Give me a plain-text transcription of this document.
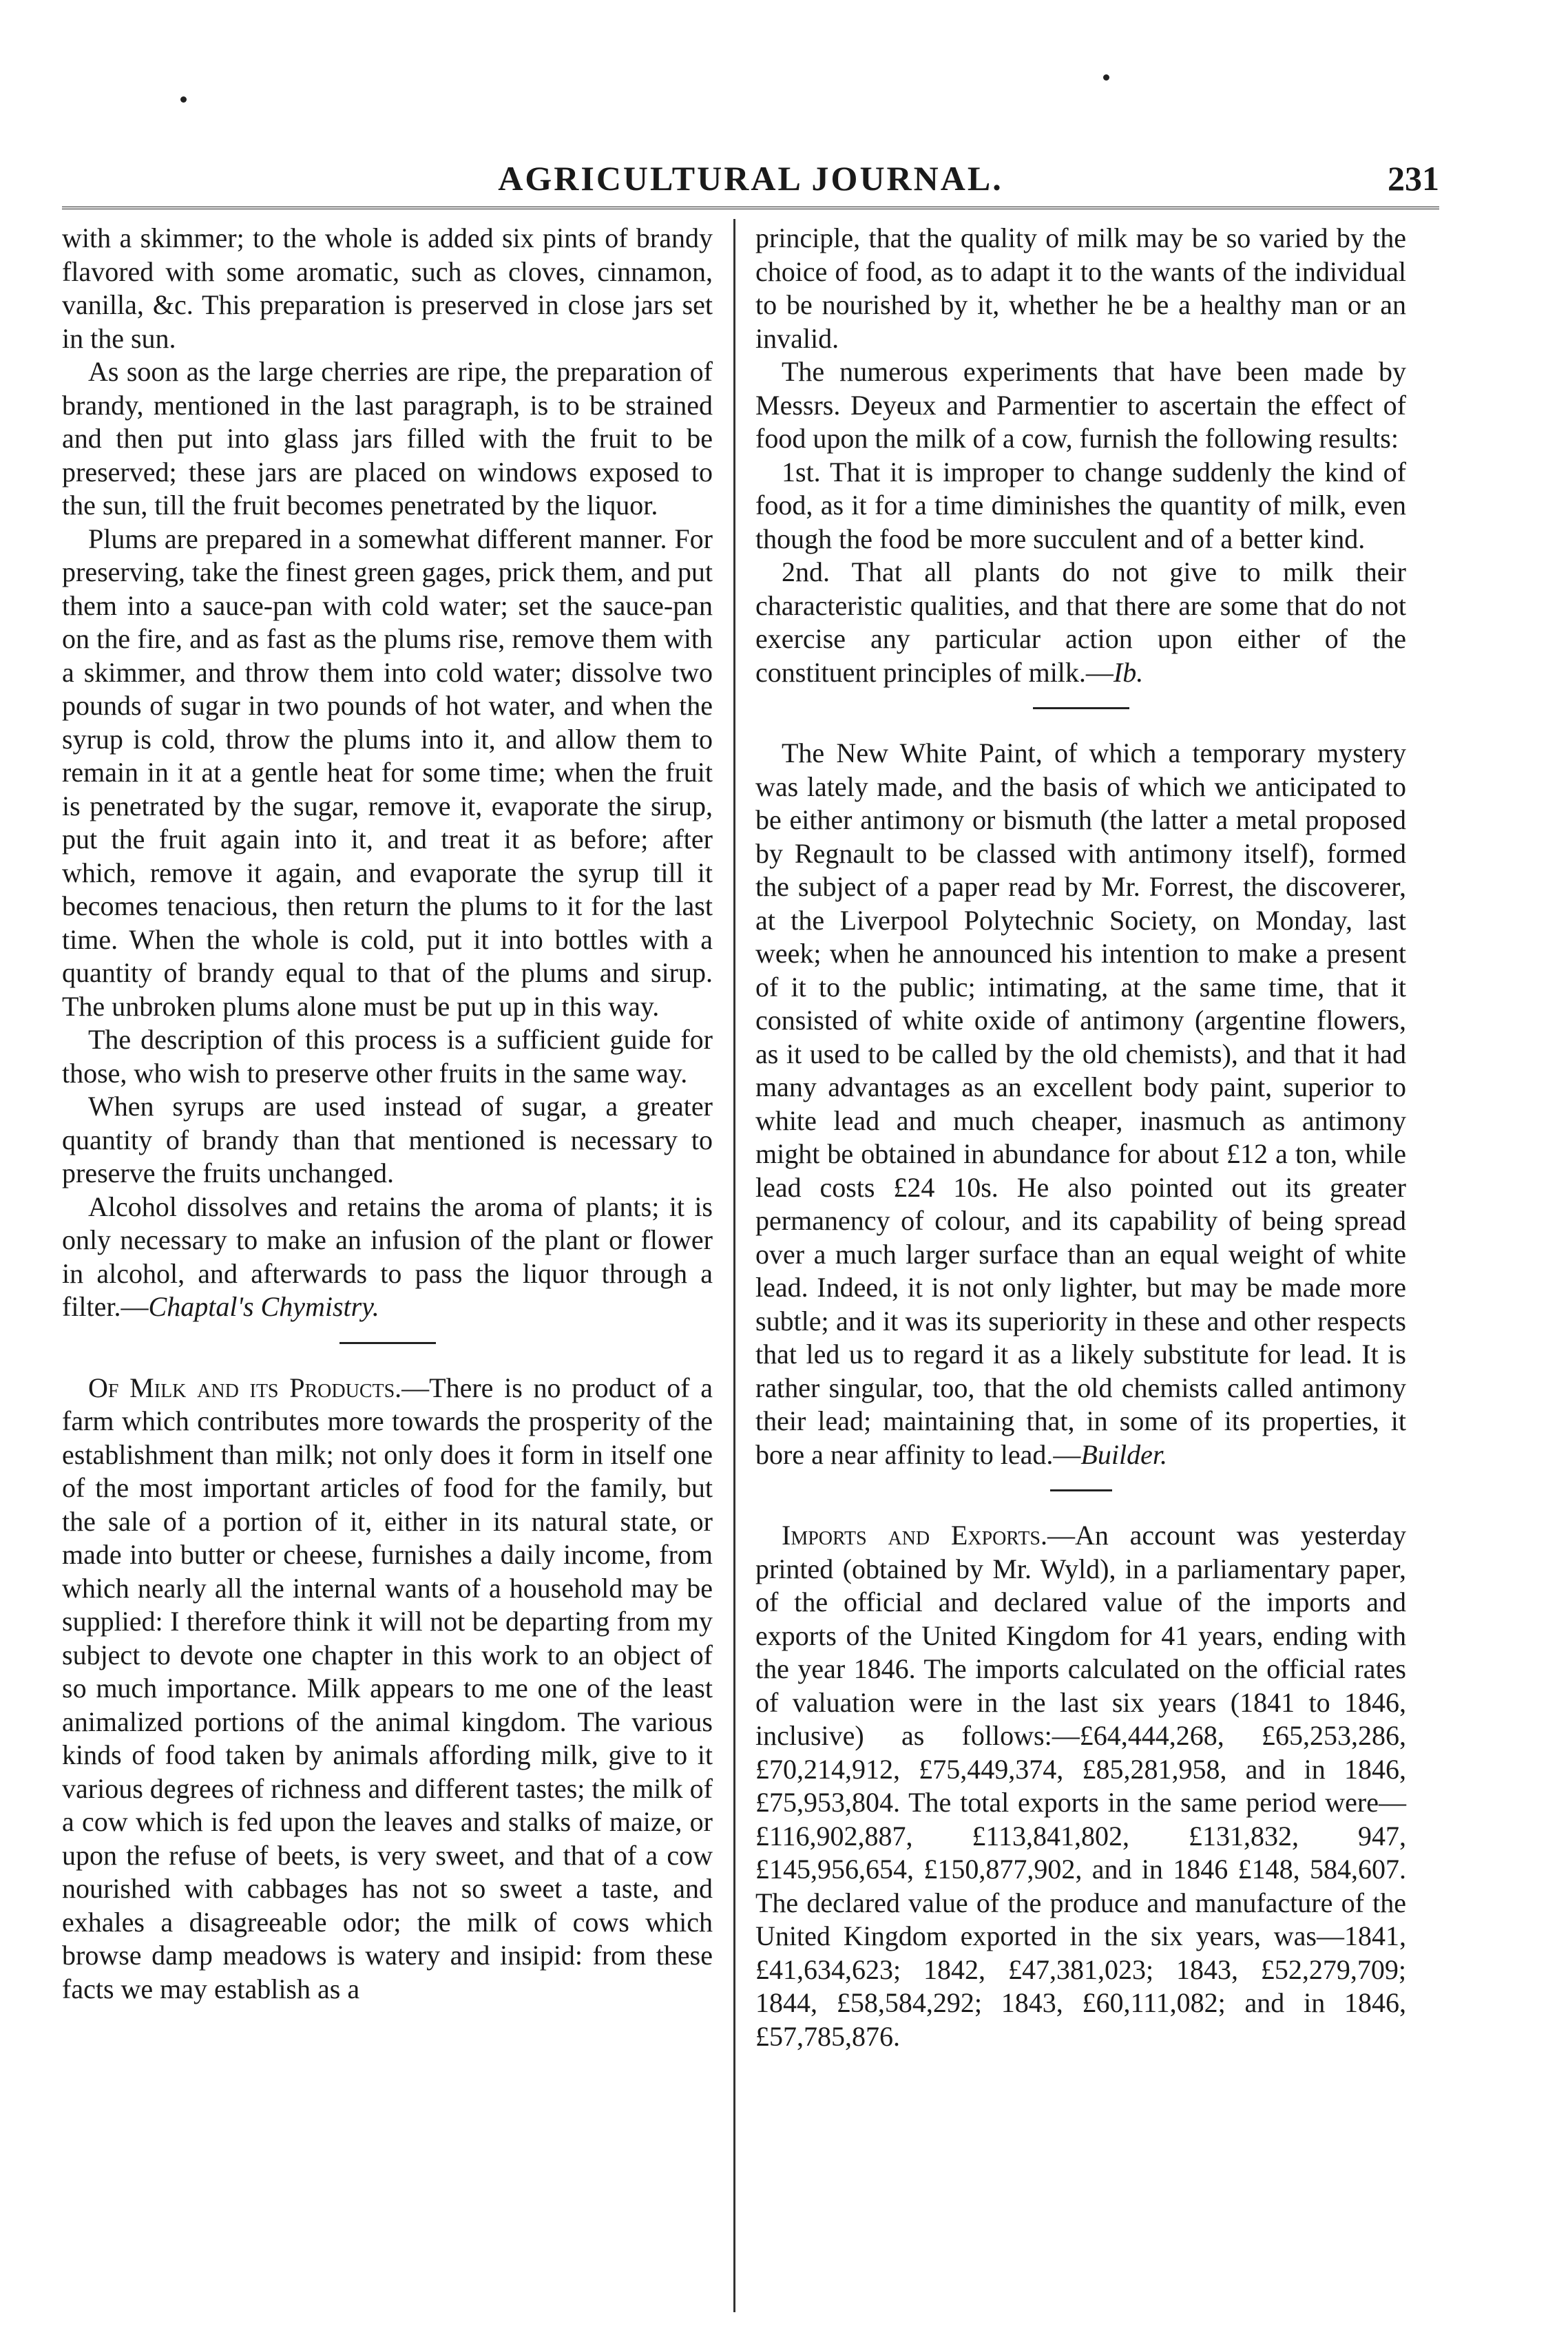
AGRICULTURAL JOURNAL.	231

with a skimmer; to the whole is added six pints of brandy flavored with some aromatic, such as cloves, cinnamon, vanilla, &c. This preparation is preserved in close jars set in the sun.

As soon as the large cherries are ripe, the preparation of brandy, mentioned in the last paragraph, is to be strained and then put into glass jars filled with the fruit to be preserved; these jars are placed on windows exposed to the sun, till the fruit becomes penetrated by the liquor.

Plums are prepared in a somewhat different manner. For preserving, take the finest green gages, prick them, and put them into a sauce-pan with cold water; set the sauce-pan on the fire, and as fast as the plums rise, remove them with a skimmer, and throw them into cold water; dissolve two pounds of sugar in two pounds of hot water, and when the syrup is cold, throw the plums into it, and allow them to remain in it at a gentle heat for some time; when the fruit is penetrated by the sugar, remove it, evaporate the sirup, put the fruit again into it, and treat it as before; after which, remove it again, and evaporate the syrup till it becomes tenacious, then return the plums to it for the last time. When the whole is cold, put it into bottles with a quantity of brandy equal to that of the plums and sirup. The unbroken plums alone must be put up in this way.

The description of this process is a sufficient guide for those, who wish to preserve other fruits in the same way.

When syrups are used instead of sugar, a greater quantity of brandy than that mentioned is necessary to preserve the fruits unchanged.

Alcohol dissolves and retains the aroma of plants; it is only necessary to make an infusion of the plant or flower in alcohol, and afterwards to pass the liquor through a filter.—Chaptal's Chymistry.

Of Milk and its Products.—There is no product of a farm which contributes more towards the prosperity of the establishment than milk; not only does it form in itself one of the most important articles of food for the family, but the sale of a portion of it, either in its natural state, or made into butter or cheese, furnishes a daily income, from which nearly all the internal wants of a household may be supplied: I therefore think it will not be departing from my subject to devote one chapter in this work to an object of so much importance. Milk appears to me one of the least animalized portions of the animal kingdom. The various kinds of food taken by animals affording milk, give to it various degrees of richness and different tastes; the milk of a cow which is fed upon the leaves and stalks of maize, or upon the refuse of beets, is very sweet, and that of a cow nourished with cabbages has not so sweet a taste, and exhales a disagreeable odor; the milk of cows which browse damp meadows is watery and insipid: from these facts we may establish as a

principle, that the quality of milk may be so varied by the choice of food, as to adapt it to the wants of the individual to be nourished by it, whether he be a healthy man or an invalid.

The numerous experiments that have been made by Messrs. Deyeux and Parmentier to ascertain the effect of food upon the milk of a cow, furnish the following results:

1st. That it is improper to change suddenly the kind of food, as it for a time diminishes the quantity of milk, even though the food be more succulent and of a better kind.

2nd. That all plants do not give to milk their characteristic qualities, and that there are some that do not exercise any particular action upon either of the constituent principles of milk.—Ib.

The New White Paint, of which a temporary mystery was lately made, and the basis of which we anticipated to be either antimony or bismuth (the latter a metal proposed by Regnault to be classed with antimony itself), formed the subject of a paper read by Mr. Forrest, the discoverer, at the Liverpool Polytechnic Society, on Monday, last week; when he announced his intention to make a present of it to the public; intimating, at the same time, that it consisted of white oxide of antimony (argentine flowers, as it used to be called by the old chemists), and that it had many advantages as an excellent body paint, superior to white lead and much cheaper, inasmuch as antimony might be obtained in abundance for about £12 a ton, while lead costs £24 10s. He also pointed out its greater permanency of colour, and its capability of being spread over a much larger surface than an equal weight of white lead. Indeed, it is not only lighter, but may be made more subtle; and it was its superiority in these and other respects that led us to regard it as a likely substitute for lead. It is rather singular, too, that the old chemists called antimony their lead; maintaining that, in some of its properties, it bore a near affinity to lead.—Builder.

Imports and Exports.—An account was yesterday printed (obtained by Mr. Wyld), in a parliamentary paper, of the official and declared value of the imports and exports of the United Kingdom for 41 years, ending with the year 1846. The imports calculated on the official rates of valuation were in the last six years (1841 to 1846, inclusive) as follows:—£64,444,268, £65,253,286, £70,214,912, £75,449,374, £85,281,958, and in 1846, £75,953,804. The total exports in the same period were—£116,902,887, £113,841,802, £131,832, 947, £145,956,654, £150,877,902, and in 1846 £148, 584,607. The declared value of the produce and manufacture of the United Kingdom exported in the six years, was—1841, £41,634,623; 1842, £47,381,023; 1843, £52,279,709; 1844, £58,584,292; 1843, £60,111,082; and in 1846, £57,785,876.
